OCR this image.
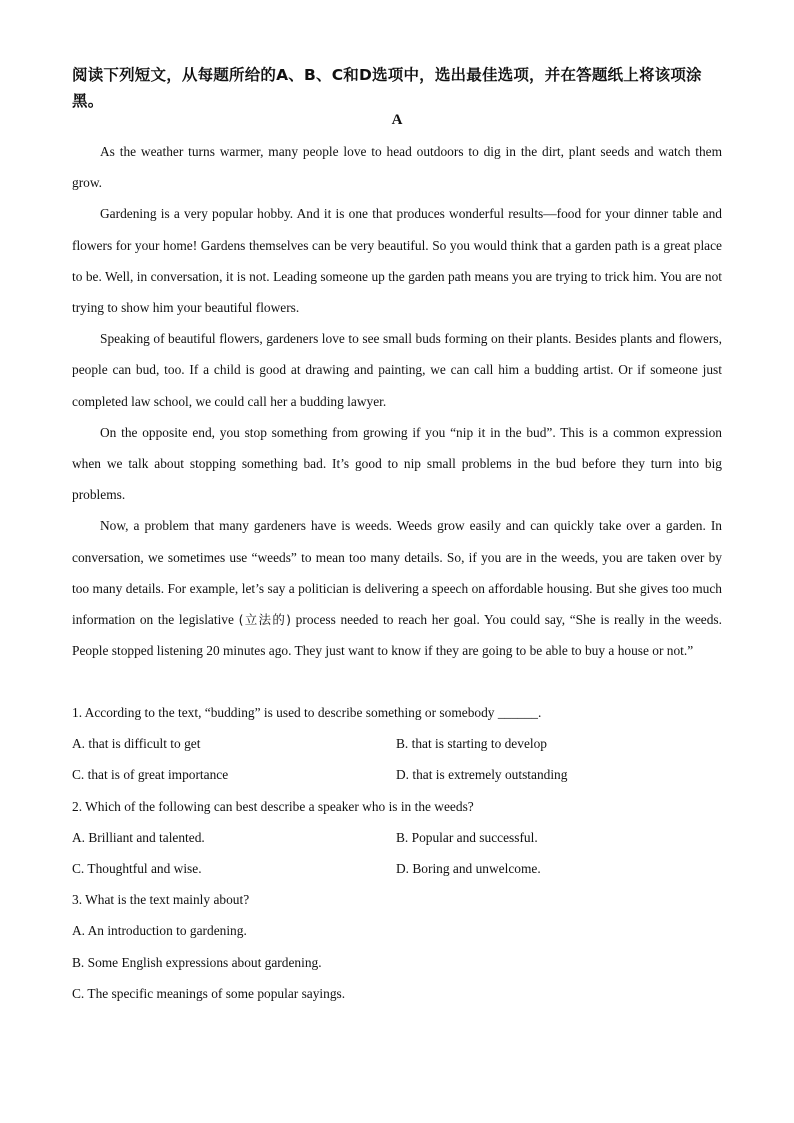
阅读下列短文，从每题所给的A、B、C和D选项中，选出最佳选项，并在答题纸上将该项涂黑。
A

As the weather turns warmer, many people love to head outdoors to dig in the dirt, plant seeds and watch them grow.

Gardening is a very popular hobby. And it is one that produces wonderful results—food for your dinner table and flowers for your home! Gardens themselves can be very beautiful. So you would think that a garden path is a great place to be. Well, in conversation, it is not. Leading someone up the garden path means you are trying to trick him. You are not trying to show him your beautiful flowers.

Speaking of beautiful flowers, gardeners love to see small buds forming on their plants. Besides plants and flowers, people can bud, too. If a child is good at drawing and painting, we can call him a budding artist. Or if someone just completed law school, we could call her a budding lawyer.

On the opposite end, you stop something from growing if you “nip it in the bud”. This is a common expression when we talk about stopping something bad. It’s good to nip small problems in the bud before they turn into big problems.

Now, a problem that many gardeners have is weeds. Weeds grow easily and can quickly take over a garden. In conversation, we sometimes use “weeds” to mean too many details. So, if you are in the weeds, you are taken over by too many details. For example, let’s say a politician is delivering a speech on affordable housing. But she gives too much information on the legislative (立法的) process needed to reach her goal. You could say, “She is really in the weeds. People stopped listening 20 minutes ago. They just want to know if they are going to be able to buy a house or not.”

1. According to the text, “budding” is used to describe something or somebody ______.
A. that is difficult to get	B. that is starting to develop
C. that is of great importance	D. that is extremely outstanding
2. Which of the following can best describe a speaker who is in the weeds?
A. Brilliant and talented.	B. Popular and successful.
C. Thoughtful and wise.	D. Boring and unwelcome.
3. What is the text mainly about?
A. An introduction to gardening.
B. Some English expressions about gardening.
C. The specific meanings of some popular sayings.
